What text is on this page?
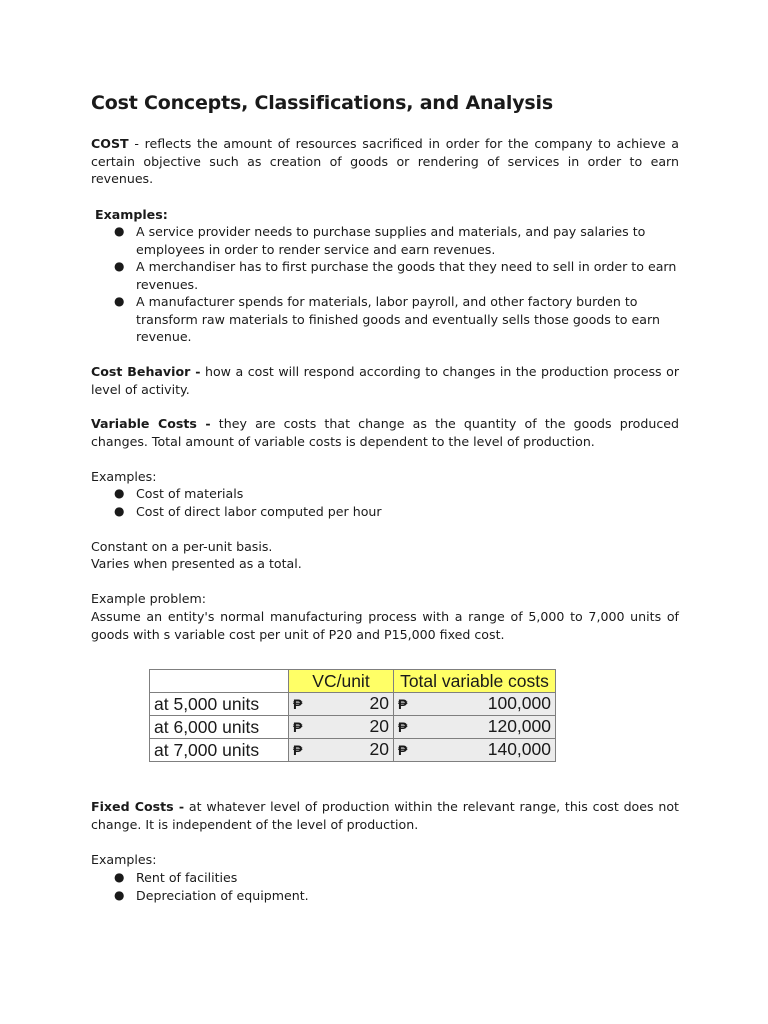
Cost Concepts, Classifications, and Analysis

COST - reflects the amount of resources sacrificed in order for the company to achieve a certain objective such as creation of goods or rendering of services in order to earn revenues.

Examples:

● A service provider needs to purchase supplies and materials, and pay salaries to employees in order to render service and earn revenues.
● A merchandiser has to first purchase the goods that they need to sell in order to earn revenues.
● A manufacturer spends for materials, labor payroll, and other factory burden to transform raw materials to finished goods and eventually sells those goods to earn revenue.

Cost Behavior - how a cost will respond according to changes in the production process or level of activity.

Variable Costs - they are costs that change as the quantity of the goods produced changes. Total amount of variable costs is dependent to the level of production.

Examples:

● Cost of materials
● Cost of direct labor computed per hour

Constant on a per-unit basis.

Varies when presented as a total.

Example problem:

Assume an entity's normal manufacturing process with a range of 5,000 to 7,000 units of goods with s variable cost per unit of P20 and P15,000 fixed cost.

	VC/unit	Total variable costs
at 5,000 units	₱ 20	₱ 100,000

at 6,000 units	₱ 20	₱ 120,000

at 7,000 units	₱ 20	₱ 140,000

Fixed Costs - at whatever level of production within the relevant range, this cost does not change. It is independent of the level of production.

Examples:

● Rent of facilities
● Depreciation of equipment.
